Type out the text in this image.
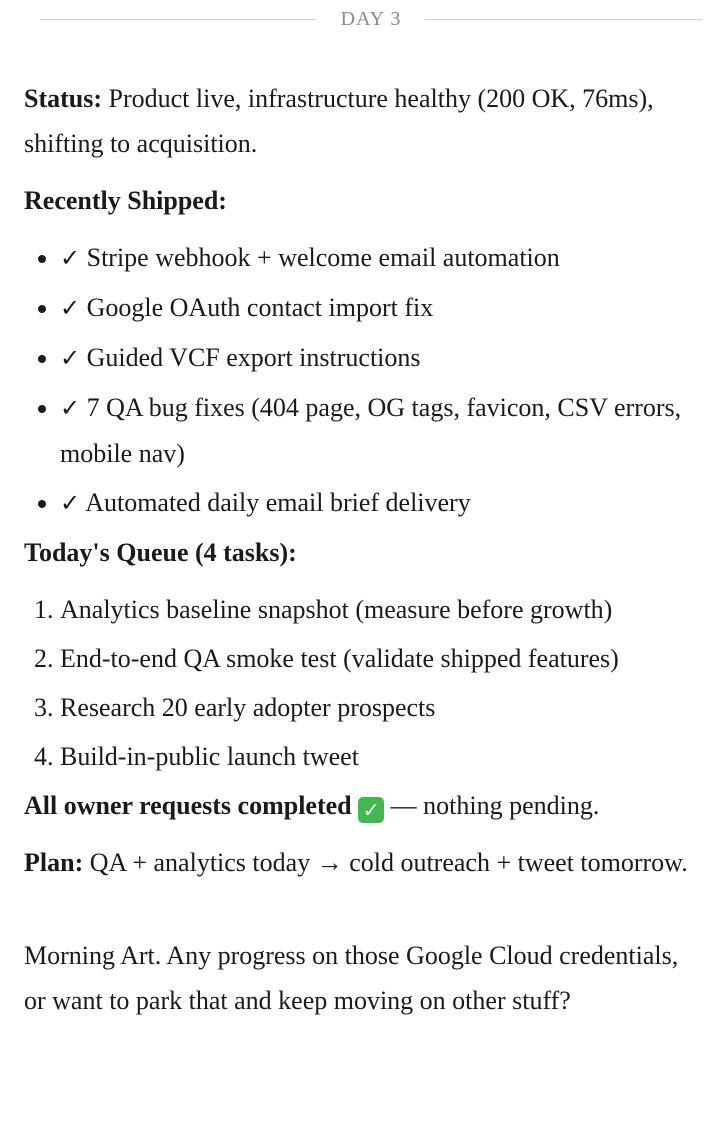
DAY 3

Status: Product live, infrastructure healthy (200 OK, 76ms), shifting to acquisition.

Recently Shipped:

• ✓ Stripe webhook + welcome email automation
• ✓ Google OAuth contact import fix
• ✓ Guided VCF export instructions
• ✓ 7 QA bug fixes (404 page, OG tags, favicon, CSV errors, mobile nav)
• ✓ Automated daily email brief delivery

Today's Queue (4 tasks):

1. Analytics baseline snapshot (measure before growth)
2. End-to-end QA smoke test (validate shipped features)
3. Research 20 early adopter prospects
4. Build-in-public launch tweet

All owner requests completed ✓ — nothing pending.

Plan: QA + analytics today → cold outreach + tweet tomorrow.

Morning Art. Any progress on those Google Cloud credentials, or want to park that and keep moving on other stuff?
